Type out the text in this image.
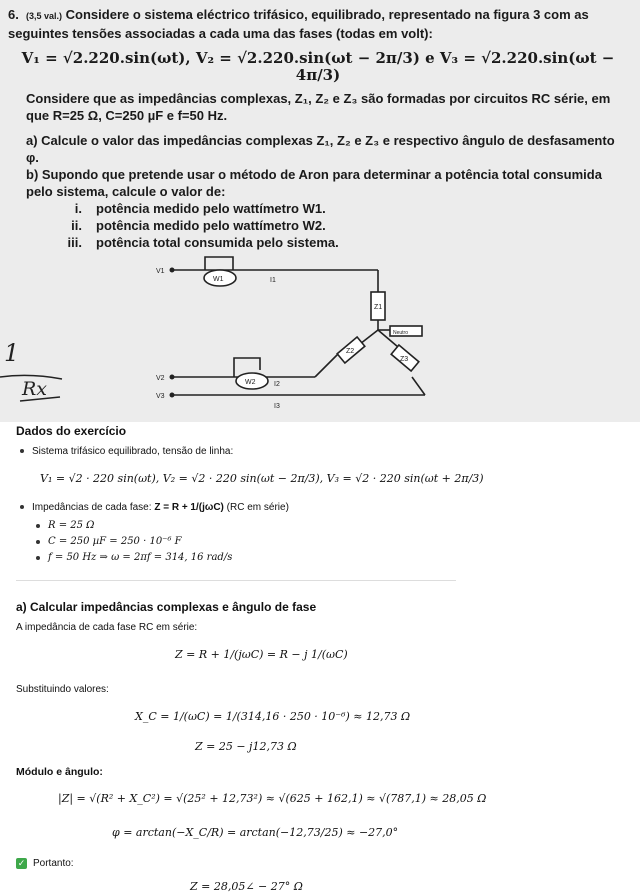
6. (3,5 val.) Considere o sistema eléctrico trifásico, equilibrado, representado na figura 3 com as seguintes tensões associadas a cada uma das fases (todas em volt):

V₁ = √2.220.sin(ωt), V₂ = √2.220.sin(ωt − 2π/3) e V₃ = √2.220.sin(ωt − 4π/3)

Considere que as impedâncias complexas, Z₁, Z₂ e Z₃ são formadas por circuitos RC série, em que R=25 Ω, C=250 µF e f=50 Hz.

a) Calcule o valor das impedâncias complexas Z₁, Z₂ e Z₃ e respectivo ângulo de desfasamento φ.

b) Supondo que pretende usar o método de Aron para determinar a potência total consumida pelo sistema, calcule o valor de:

i. potência medido pelo wattímetro W1.

ii. potência medido pelo wattímetro W2.

iii. potência total consumida pelo sistema.

V1
V2
V3
W1
W2
I1
I2
I3
Z1
Z2
Z3
Neutro
1
Rx
Dados do exercício
Sistema trifásico equilibrado, tensão de linha:
V₁ = √2 · 220 sin(ωt), V₂ = √2 · 220 sin(ωt − 2π/3), V₃ = √2 · 220 sin(ωt + 2π/3)
Impedâncias de cada fase: Z = R + 1/(jωC) (RC em série)
R = 25 Ω
C = 250 µF = 250 · 10⁻⁶ F
f = 50 Hz ⇒ ω = 2πf = 314, 16 rad/s
a) Calcular impedâncias complexas e ângulo de fase
A impedância de cada fase RC em série:
Z = R + 1/(jωC) = R − j 1/(ωC)
Substituindo valores:
X_C = 1/(ωC) = 1/(314,16 · 250 · 10⁻⁶) ≈ 12,73 Ω
Z = 25 − j12,73 Ω
Módulo e ângulo:
|Z| = √(R² + X_C²) = √(25² + 12,73²) ≈ √(625 + 162,1) ≈ √(787,1) ≈ 28,05 Ω
φ = arctan(−X_C/R) = arctan(−12,73/25) ≈ −27,0°
✓ Portanto:
Z = 28,05∠ − 27° Ω
